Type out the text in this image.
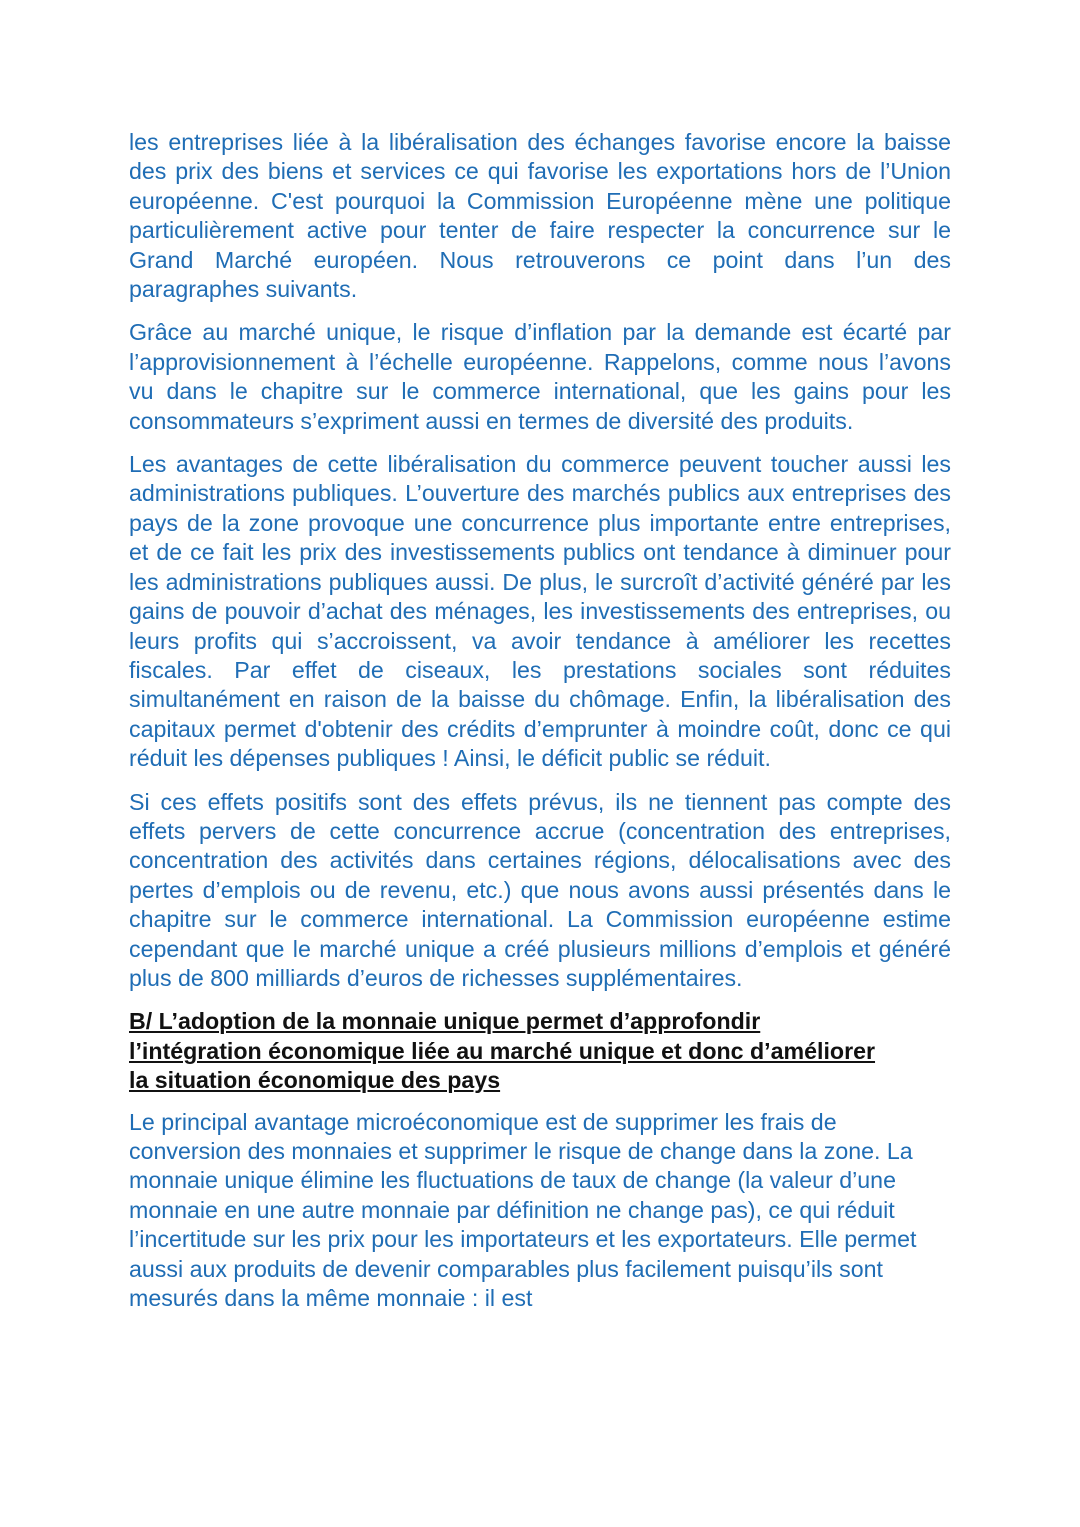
les entreprises liée à la libéralisation des échanges favorise encore la baisse des prix des biens et services ce qui favorise les exportations hors de l’Union européenne. C'est pourquoi la Commission Européenne mène une politique particulièrement active pour tenter de faire respecter la concurrence sur le Grand Marché européen. Nous retrouverons ce point dans l’un des paragraphes suivants.

Grâce au marché unique, le risque d’inflation par la demande est écarté par l’approvisionnement à l’échelle européenne. Rappelons, comme nous l’avons vu dans le chapitre sur le commerce international, que les gains pour les consommateurs s’expriment aussi en termes de diversité des produits.

Les avantages de cette libéralisation du commerce peuvent toucher aussi les administrations publiques. L’ouverture des marchés publics aux entreprises des pays de la zone provoque une concurrence plus importante entre entreprises, et de ce fait les prix des investissements publics ont tendance à diminuer pour les administrations publiques aussi. De plus, le surcroît d’activité généré par les gains de pouvoir d’achat des ménages, les investissements des entreprises, ou leurs profits qui s’accroissent, va avoir tendance à améliorer les recettes fiscales. Par effet de ciseaux, les prestations sociales sont réduites simultanément en raison de la baisse du chômage. Enfin, la libéralisation des capitaux permet d'obtenir des crédits d’emprunter à moindre coût, donc ce qui réduit les dépenses publiques ! Ainsi, le déficit public se réduit.

Si ces effets positifs sont des effets prévus, ils ne tiennent pas compte des effets pervers de cette concurrence accrue (concentration des entreprises, concentration des activités dans certaines régions, délocalisations avec des pertes d’emplois ou de revenu, etc.) que nous avons aussi présentés dans le chapitre sur le commerce international. La Commission européenne estime cependant que le marché unique a créé plusieurs millions d’emplois et généré plus de 800 milliards d’euros de richesses supplémentaires.

B/ L’adoption de la monnaie unique permet d’approfondir
l’intégration économique liée au marché unique et donc d’améliorer
la situation économique des pays

Le principal avantage microéconomique est de supprimer les frais de conversion des monnaies et supprimer le risque de change dans la zone. La monnaie unique élimine les fluctuations de taux de change (la valeur d’une monnaie en une autre monnaie par définition ne change pas), ce qui réduit l’incertitude sur les prix pour les importateurs et les exportateurs. Elle permet aussi aux produits de devenir comparables plus facilement puisqu’ils sont mesurés dans la même monnaie : il est
